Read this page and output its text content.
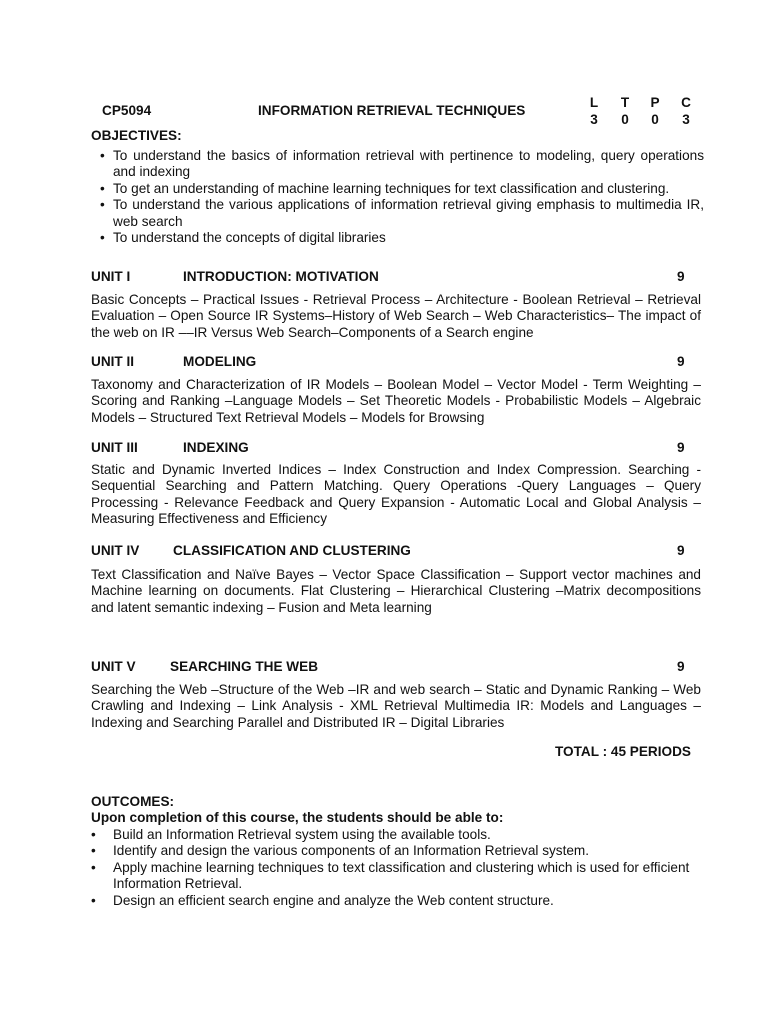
CP5094	INFORMATION RETRIEVAL TECHNIQUES
L	T	P	C
3	0	0	3
OBJECTIVES:
• To understand the basics of information retrieval with pertinence to modeling, query operations and indexing
• To get an understanding of machine learning techniques for text classification and clustering.
• To understand the various applications of information retrieval giving emphasis to multimedia IR, web search
• To understand the concepts of digital libraries
UNIT I	INTRODUCTION: MOTIVATION	9
Basic Concepts – Practical Issues - Retrieval Process – Architecture - Boolean Retrieval – Retrieval Evaluation – Open Source IR Systems–History of Web Search – Web Characteristics– The impact of the web on IR ––IR Versus Web Search–Components of a Search engine
UNIT II	MODELING	9
Taxonomy and Characterization of IR Models – Boolean Model – Vector Model - Term Weighting – Scoring and Ranking –Language Models – Set Theoretic Models - Probabilistic Models – Algebraic Models – Structured Text Retrieval Models – Models for Browsing
UNIT III	INDEXING	9
Static and Dynamic Inverted Indices – Index Construction and Index Compression. Searching - Sequential Searching and Pattern Matching. Query Operations -Query Languages – Query Processing - Relevance Feedback and Query Expansion - Automatic Local and Global Analysis – Measuring Effectiveness and Efficiency
UNIT IV CLASSIFICATION AND CLUSTERING	9
Text Classification and Naïve Bayes – Vector Space Classification – Support vector machines and Machine learning on documents. Flat Clustering – Hierarchical Clustering –Matrix decompositions and latent semantic indexing – Fusion and Meta learning
UNIT V	SEARCHING THE WEB	9
Searching the Web –Structure of the Web –IR and web search – Static and Dynamic Ranking – Web Crawling and Indexing – Link Analysis - XML Retrieval Multimedia IR: Models and Languages – Indexing and Searching Parallel and Distributed IR – Digital Libraries
TOTAL : 45 PERIODS
OUTCOMES:
Upon completion of this course, the students should be able to:
• Build an Information Retrieval system using the available tools.
• Identify and design the various components of an Information Retrieval system.
• Apply machine learning techniques to text classification and clustering which is used for efficient Information Retrieval.
• Design an efficient search engine and analyze the Web content structure.
